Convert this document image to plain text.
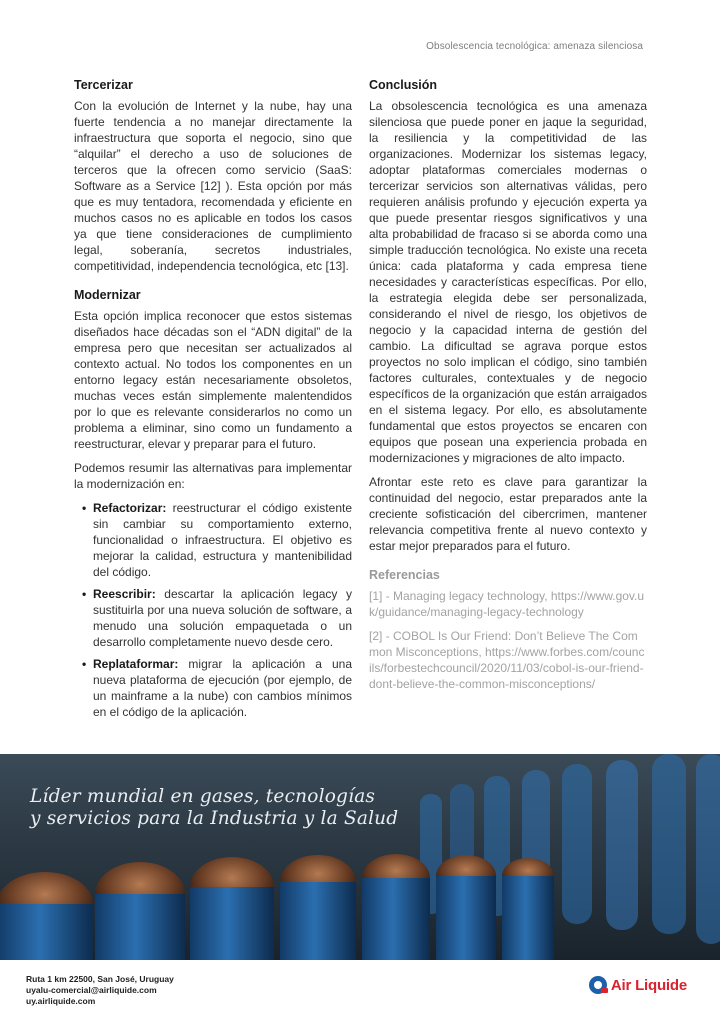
Obsolescencia tecnológica: amenaza silenciosa
Tercerizar

Con la evolución de Internet y la nube, hay una fuerte tendencia a no manejar directamente la infraestructura que soporta el negocio, sino que “alquilar” el derecho a uso de soluciones de terceros que la ofrecen como servicio (SaaS: Software as a Service [12] ). Esta opción por más que es muy tentadora, recomendada y eficiente en muchos casos no es aplicable en todos los casos ya que tiene consideraciones de cumplimiento legal, soberanía, secretos industriales, competitividad, independencia tecnológica, etc [13].

Modernizar

Esta opción implica reconocer que estos sistemas diseñados hace décadas son el “ADN digital” de la empresa pero que necesitan ser actualizados al contexto actual. No todos los componentes en un entorno legacy están necesariamente obsoletos, muchas veces están simplemente malentendidos por lo que es relevante considerarlos no como un problema a eliminar, sino como un fundamento a reestructurar, elevar y preparar para el futuro.

Podemos resumir las alternativas para implementar la modernización en:

• Refactorizar: reestructurar el código existente sin cambiar su comportamiento externo, funcionalidad o infraestructura. El objetivo es mejorar la calidad, estructura y mantenibilidad del código.
• Reescribir: descartar la aplicación legacy y sustituirla por una nueva solución de software, a menudo una solución empaquetada o un desarrollo completamente nuevo desde cero.
• Replataformar: migrar la aplicación a una nueva plataforma de ejecución (por ejemplo, de un mainframe a la nube) con cambios mínimos en el código de la aplicación.
Conclusión

La obsolescencia tecnológica es una amenaza silenciosa que puede poner en jaque la seguridad, la resiliencia y la competitividad de las organizaciones. Modernizar los sistemas legacy, adoptar plataformas comerciales modernas o tercerizar servicios son alternativas válidas, pero requieren análisis profundo y ejecución experta ya que puede presentar riesgos significativos y una alta probabilidad de fracaso si se aborda como una simple traducción tecnológica. No existe una receta única: cada plataforma y cada empresa tiene necesidades y características específicas. Por ello, la estrategia elegida debe ser personalizada, considerando el nivel de riesgo, los objetivos de negocio y la capacidad interna de gestión del cambio. La dificultad se agrava porque estos proyectos no solo implican el código, sino también factores culturales, contextuales y de negocio específicos de la organización que están arraigados en el sistema legacy. Por ello, es absolutamente fundamental que estos proyectos se encaren con equipos que posean una experiencia probada en modernizaciones y migraciones de alto impacto.

Afrontar este reto es clave para garantizar la continuidad del negocio, estar preparados ante la creciente sofisticación del cibercrimen, mantener relevancia competitiva frente al nuevo contexto y estar mejor preparados para el futuro.

Referencias
[1] - Managing legacy technology, https://www.gov.uk/guidance/managing-legacy-technology
[2] - COBOL Is Our Friend: Don’t Believe The Common Misconceptions, https://www.forbes.com/councils/forbestechcouncil/2020/11/03/cobol-is-our-friend-dont-believe-the-common-misconceptions/
Líder mundial en gases, tecnologías
y servicios para la Industria y la Salud
Ruta 1 km 22500, San José, Uruguay
uyalu-comercial@airliquide.com
uy.airliquide.com
Air Liquide
